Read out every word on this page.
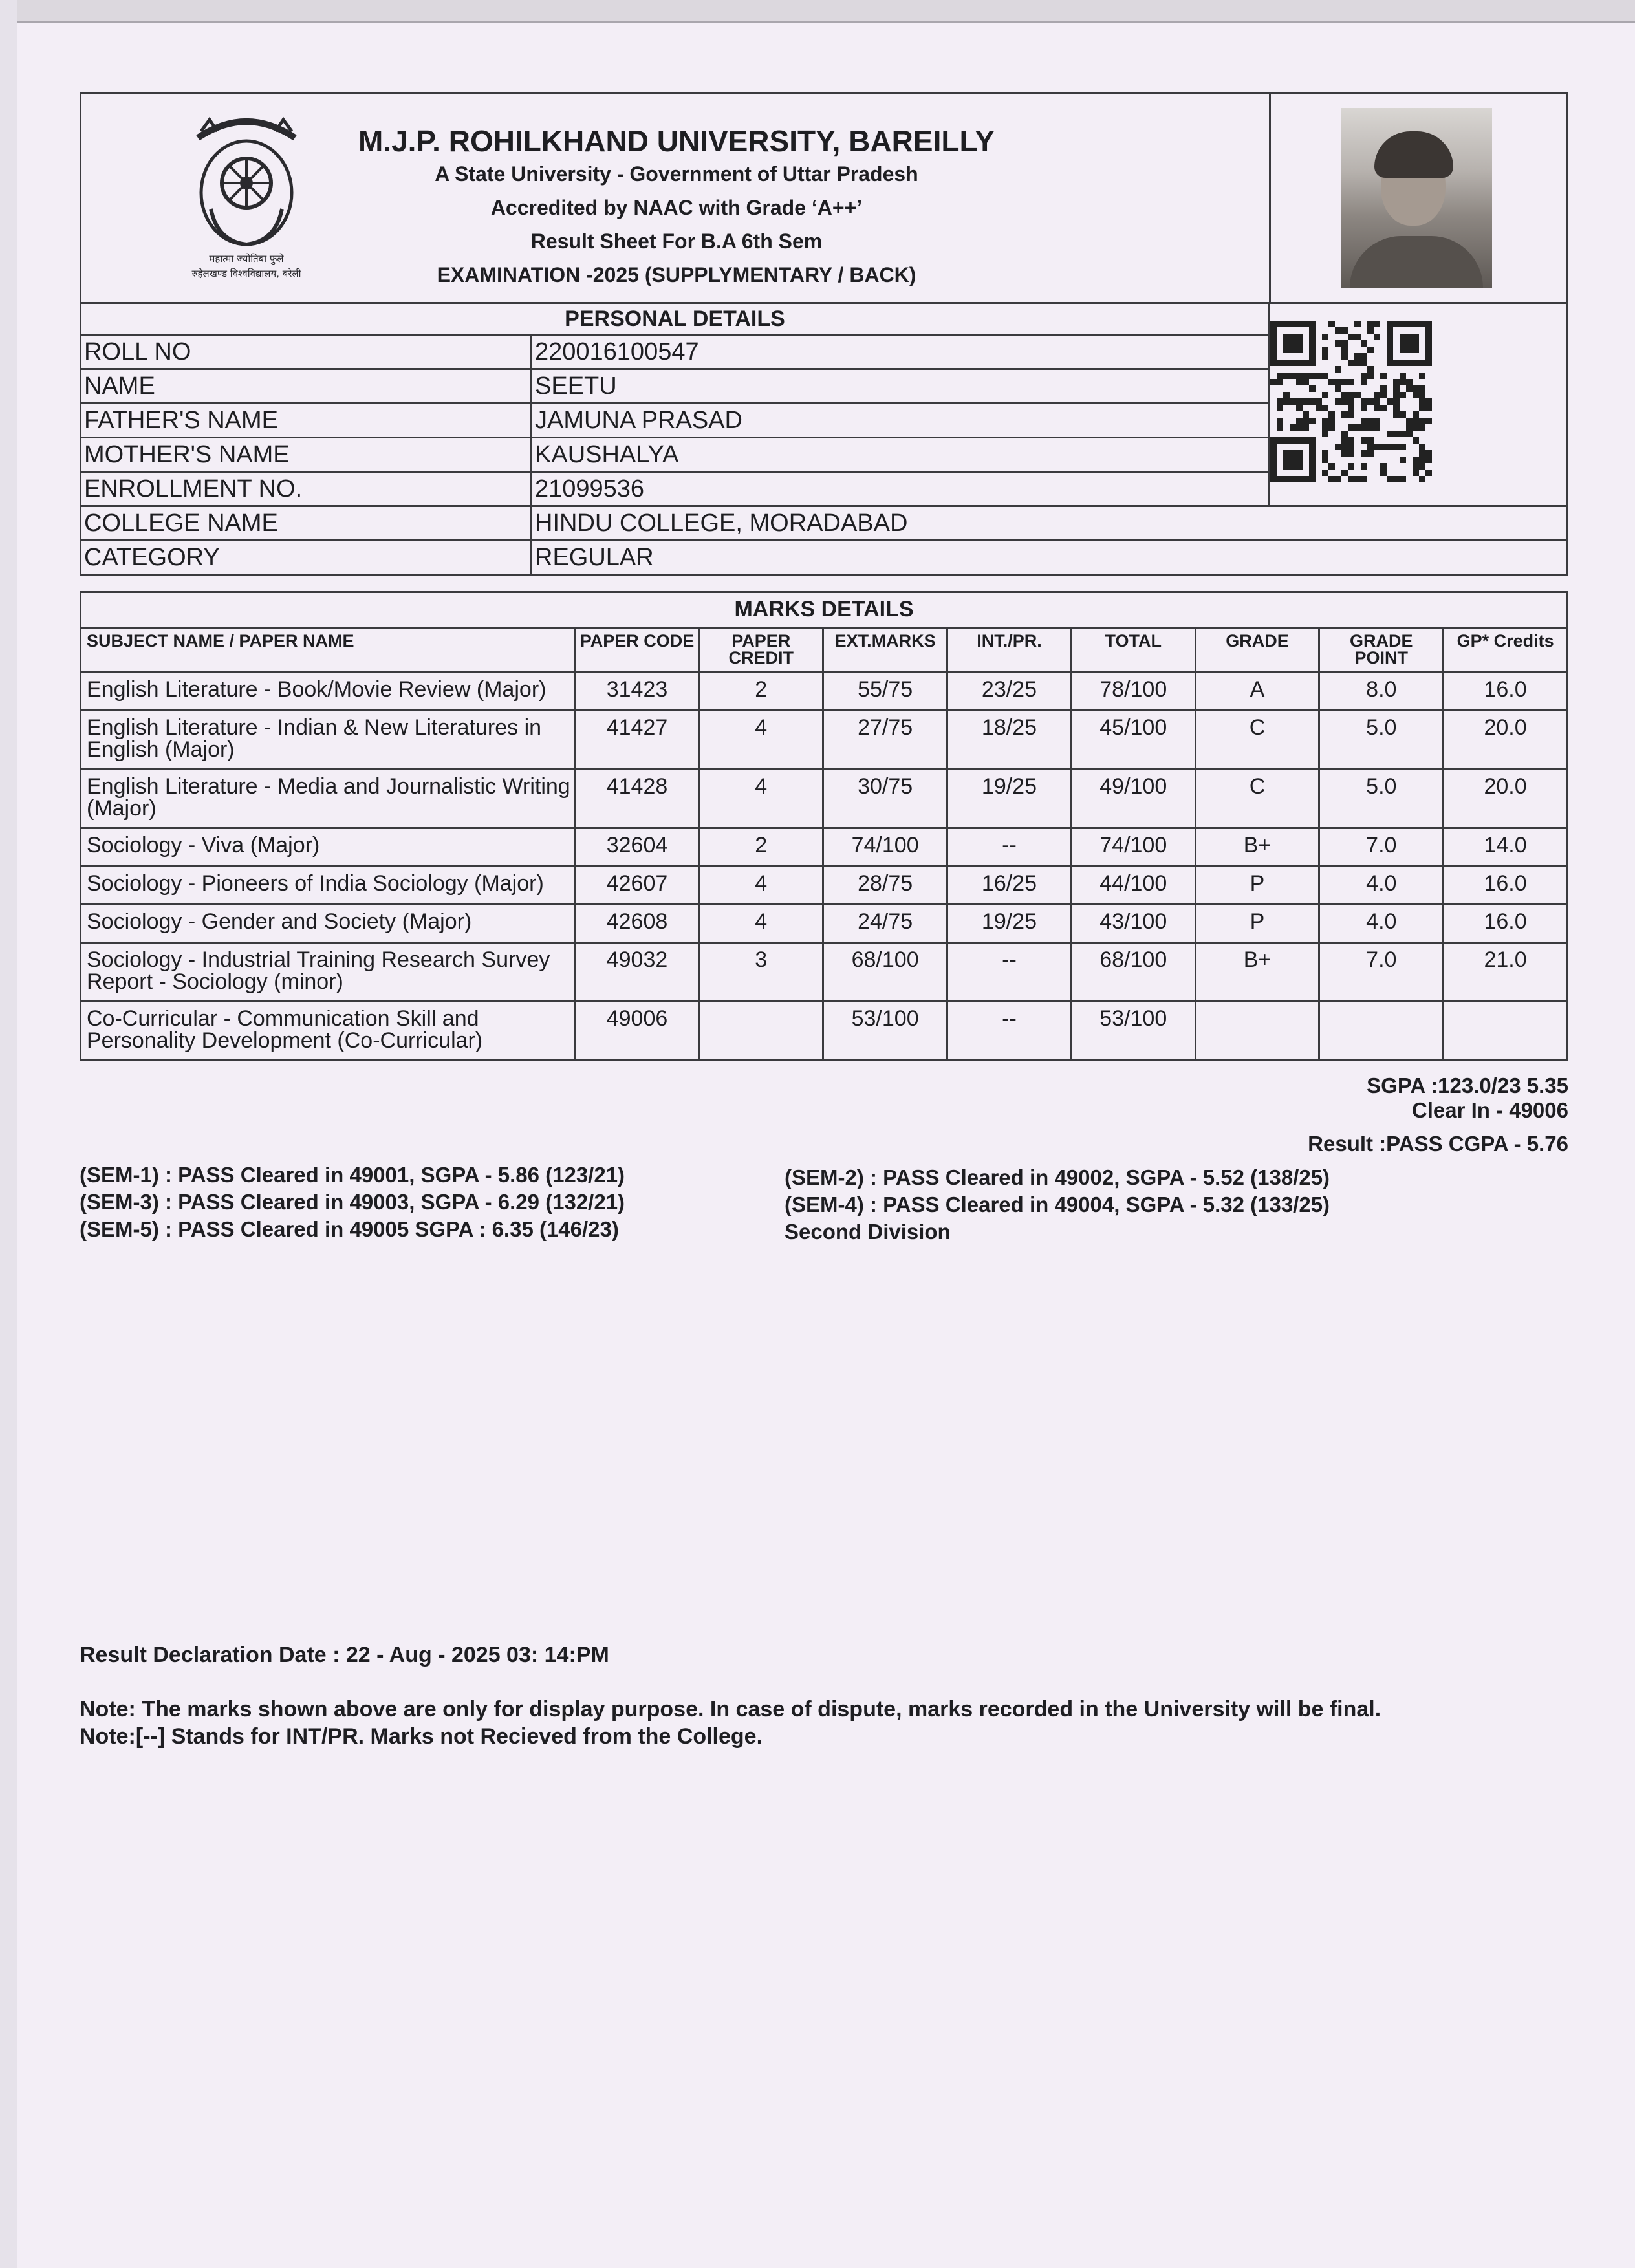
महात्मा ज्योतिबा फुले
रुहेलखण्ड विश्वविद्यालय, बरेली
M.J.P. ROHILKHAND UNIVERSITY, BAREILLY
A State University - Government of Uttar Pradesh
Accredited by NAAC with Grade ‘A++’
Result Sheet For B.A 6th Sem
EXAMINATION -2025 (SUPPLYMENTARY / BACK)
PERSONAL DETAILS	
ROLL NO	220016100547	
NAME	SEETU	
FATHER'S NAME	JAMUNA PRASAD	
MOTHER'S NAME	KAUSHALYA	
ENROLLMENT NO.	21099536	
COLLEGE NAME	HINDU COLLEGE, MORADABAD	
CATEGORY	REGULAR	
MARKS DETAILS								
SUBJECT NAME / PAPER NAME	PAPER CODE	PAPER CREDIT	EXT.MARKS	INT./PR.	TOTAL	GRADE	GRADE POINT	GP* Credits
English Literature - Book/Movie Review (Major)	31423	2	55/75	23/25	78/100	A	8.0	16.0
English Literature - Indian & New Literatures in English (Major)	41427	4	27/75	18/25	45/100	C	5.0	20.0
English Literature - Media and Journalistic Writing (Major)	41428	4	30/75	19/25	49/100	C	5.0	20.0
Sociology - Viva (Major)	32604	2	74/100	--	74/100	B+	7.0	14.0
Sociology - Pioneers of India Sociology (Major)	42607	4	28/75	16/25	44/100	P	4.0	16.0
Sociology - Gender and Society (Major)	42608	4	24/75	19/25	43/100	P	4.0	16.0
Sociology - Industrial Training Research Survey Report - Sociology (minor)	49032	3	68/100	--	68/100	B+	7.0	21.0
Co-Curricular - Communication Skill and Personality Development (Co-Curricular)	49006		53/100	--	53/100			
SGPA :123.0/23 5.35
Clear In - 49006
Result :PASS CGPA - 5.76
(SEM-1) : PASS Cleared in 49001, SGPA - 5.86 (123/21)
(SEM-3) : PASS Cleared in 49003, SGPA - 6.29 (132/21)
(SEM-5) : PASS Cleared in 49005 SGPA : 6.35 (146/23)
(SEM-2) : PASS Cleared in 49002, SGPA - 5.52 (138/25)
(SEM-4) : PASS Cleared in 49004, SGPA - 5.32 (133/25)
Second Division
Result Declaration Date : 22 - Aug - 2025 03: 14:PM
Note: The marks shown above are only for display purpose. In case of dispute, marks recorded in the University will be final.
Note:[--] Stands for INT/PR. Marks not Recieved from the College.
